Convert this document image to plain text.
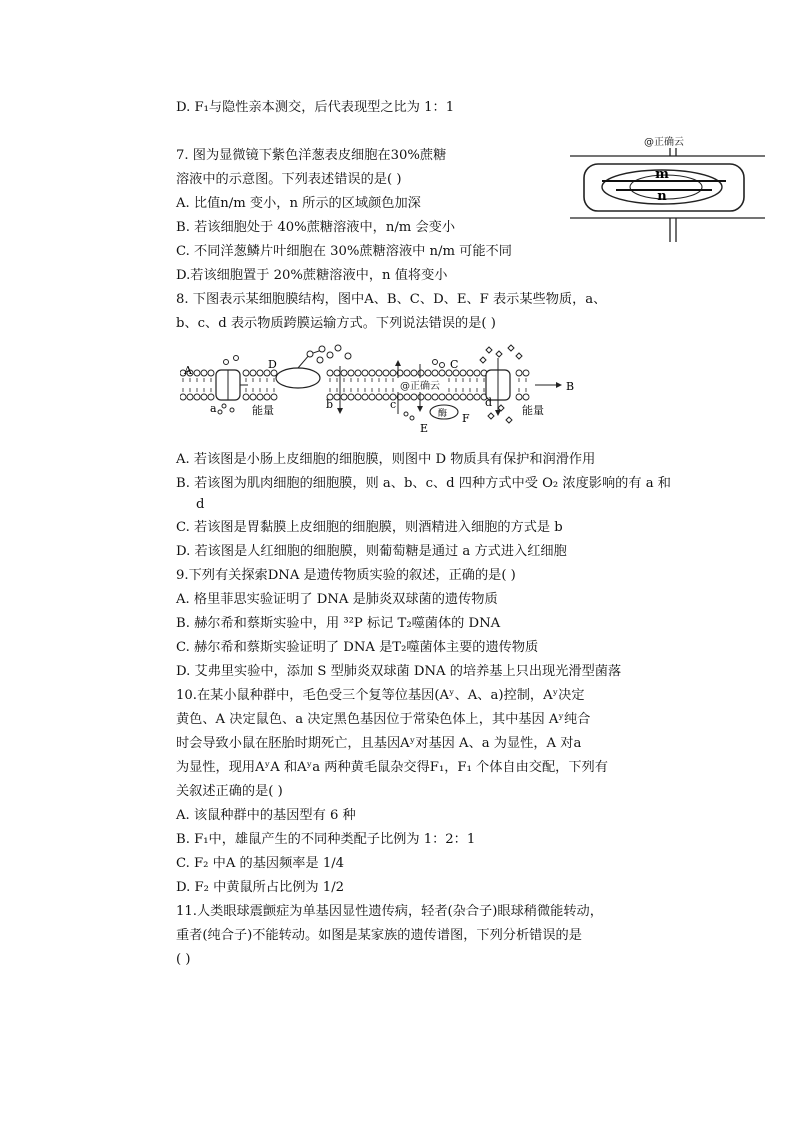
D. F₁与隐性亲本测交，后代表现型之比为 1：1
7. 图为显微镜下紫色洋葱表皮细胞在30%蔗糖
溶液中的示意图。下列表述错误的是( )
A. 比值n/m 变小，n 所示的区域颜色加深
B. 若该细胞处于 40%蔗糖溶液中，n/m 会变小
C. 不同洋葱鳞片叶细胞在 30%蔗糖溶液中 n/m 可能不同
D.若该细胞置于 20%蔗糖溶液中，n 值将变小
8. 下图表示某细胞膜结构，图中A、B、C、D、E、F 表示某些物质，a、
b、c、d 表示物质跨膜运输方式。下列说法错误的是( )
A. 若该图是小肠上皮细胞的细胞膜，则图中 D 物质具有保护和润滑作用
B. 若该图为肌肉细胞的细胞膜，则 a、b、c、d 四种方式中受 O₂ 浓度影响的有 a 和
d
C. 若该图是胃黏膜上皮细胞的细胞膜，则酒精进入细胞的方式是 b
D. 若该图是人红细胞的细胞膜，则葡萄糖是通过 a 方式进入红细胞
9.下列有关探索DNA 是遗传物质实验的叙述，正确的是( )
A. 格里菲思实验证明了 DNA 是肺炎双球菌的遗传物质
B. 赫尔希和蔡斯实验中，用 ³²P 标记 T₂噬菌体的 DNA
C. 赫尔希和蔡斯实验证明了 DNA 是T₂噬菌体主要的遗传物质
D. 艾弗里实验中，添加 S 型肺炎双球菌 DNA 的培养基上只出现光滑型菌落
10.在某小鼠种群中，毛色受三个复等位基因(Aʸ、A、a)控制，Aʸ决定
黄色、A 决定鼠色、a 决定黑色基因位于常染色体上，其中基因 Aʸ纯合
时会导致小鼠在胚胎时期死亡，且基因Aʸ对基因 A、a 为显性，A 对a
为显性，现用AʸA 和Aʸa 两种黄毛鼠杂交得F₁，F₁ 个体自由交配，下列有
关叙述正确的是( )
A. 该鼠种群中的基因型有 6 种
B. F₁中，雄鼠产生的不同种类配子比例为 1：2：1
C. F₂ 中A 的基因频率是 1/4
D. F₂ 中黄鼠所占比例为 1/2
11.人类眼球震颤症为单基因显性遗传病，轻者(杂合子)眼球稍微能转动，
重者(纯合子)不能转动。如图是某家族的遗传谱图，下列分析错误的是
( )
m
n
@正确云
A
B
C
D
E
F
a	b	c	d
能量	能量
酶
@正确云
